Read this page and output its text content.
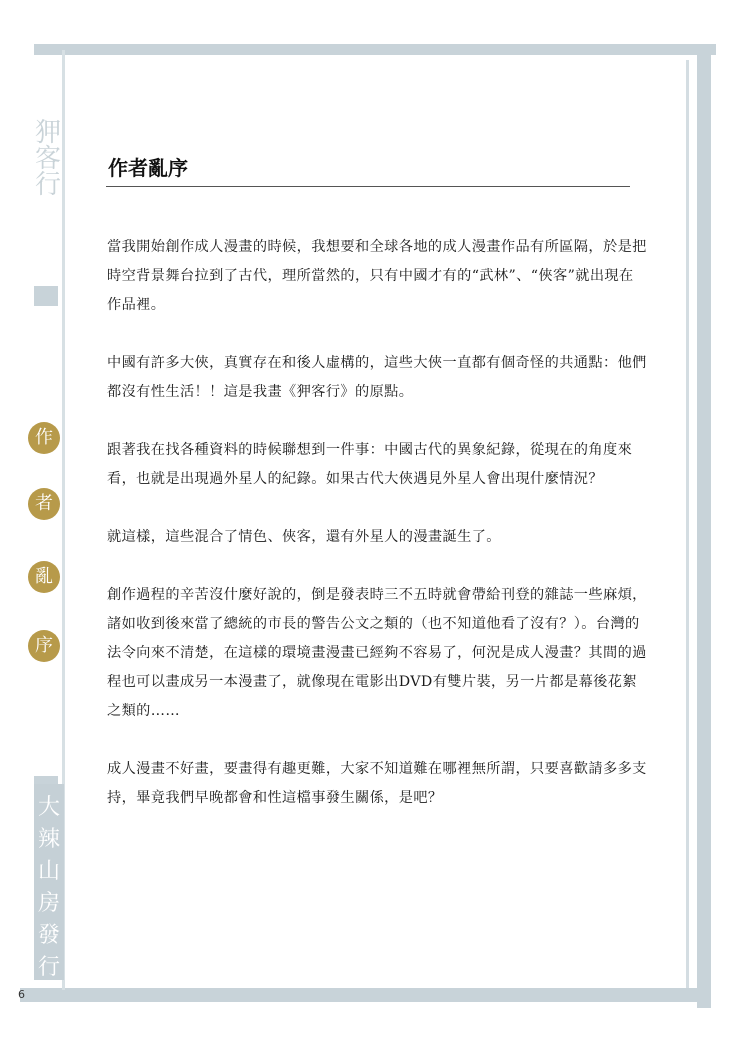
狎客行
作
者
亂
序
大辣山房發行
作者亂序

當我開始創作成人漫畫的時候，我想要和全球各地的成人漫畫作品有所區隔，於是把時空背景舞台拉到了古代，理所當然的，只有中國才有的“武林”、“俠客”就出現在作品裡。

中國有許多大俠，真實存在和後人虛構的，這些大俠一直都有個奇怪的共通點：他們都沒有性生活！！這是我畫《狎客行》的原點。

跟著我在找各種資料的時候聯想到一件事：中國古代的異象紀錄，從現在的角度來看，也就是出現過外星人的紀錄。如果古代大俠遇見外星人會出現什麼情況？

就這樣，這些混合了情色、俠客，還有外星人的漫畫誕生了。

創作過程的辛苦沒什麼好說的，倒是發表時三不五時就會帶給刊登的雜誌一些麻煩，諸如收到後來當了總統的市長的警告公文之類的（也不知道他看了沒有？）。台灣的法令向來不清楚，在這樣的環境畫漫畫已經夠不容易了，何況是成人漫畫？其間的過程也可以畫成另一本漫畫了，就像現在電影出DVD有雙片裝，另一片都是幕後花絮之類的……

成人漫畫不好畫，要畫得有趣更難，大家不知道難在哪裡無所謂，只要喜歡請多多支持，畢竟我們早晚都會和性這檔事發生關係，是吧？

6
